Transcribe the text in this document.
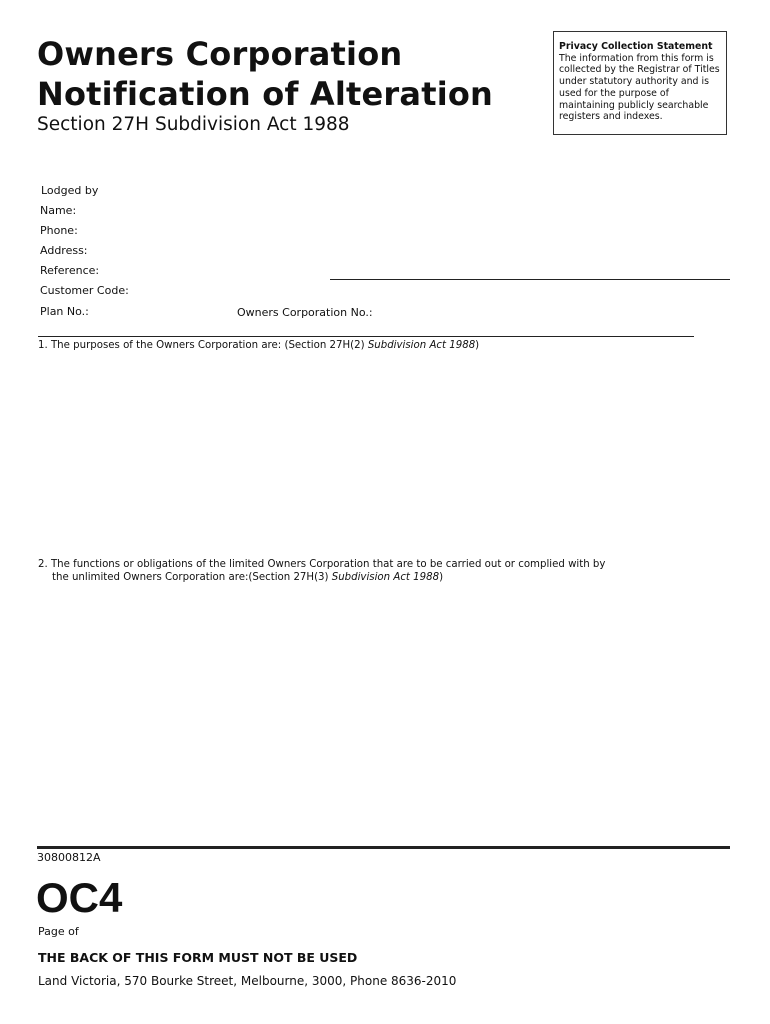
Owners Corporation
Notification of Alteration
Section 27H Subdivision Act 1988
Privacy Collection Statement
The information from this form is collected by the Registrar of Titles under statutory authority and is used for the purpose of maintaining publicly searchable registers and indexes.
Lodged by
Name:
Phone:
Address:
Reference:
Customer Code:
Plan No.:	Owners Corporation No.:
1. The purposes of the Owners Corporation are: (Section 27H(2) Subdivision Act 1988)
2. The functions or obligations of the limited Owners Corporation that are to be carried out or complied with by
the unlimited Owners Corporation are:(Section 27H(3) Subdivision Act 1988)
30800812A
OC4
Page of
THE BACK OF THIS FORM MUST NOT BE USED
Land Victoria, 570 Bourke Street, Melbourne, 3000, Phone 8636-2010
